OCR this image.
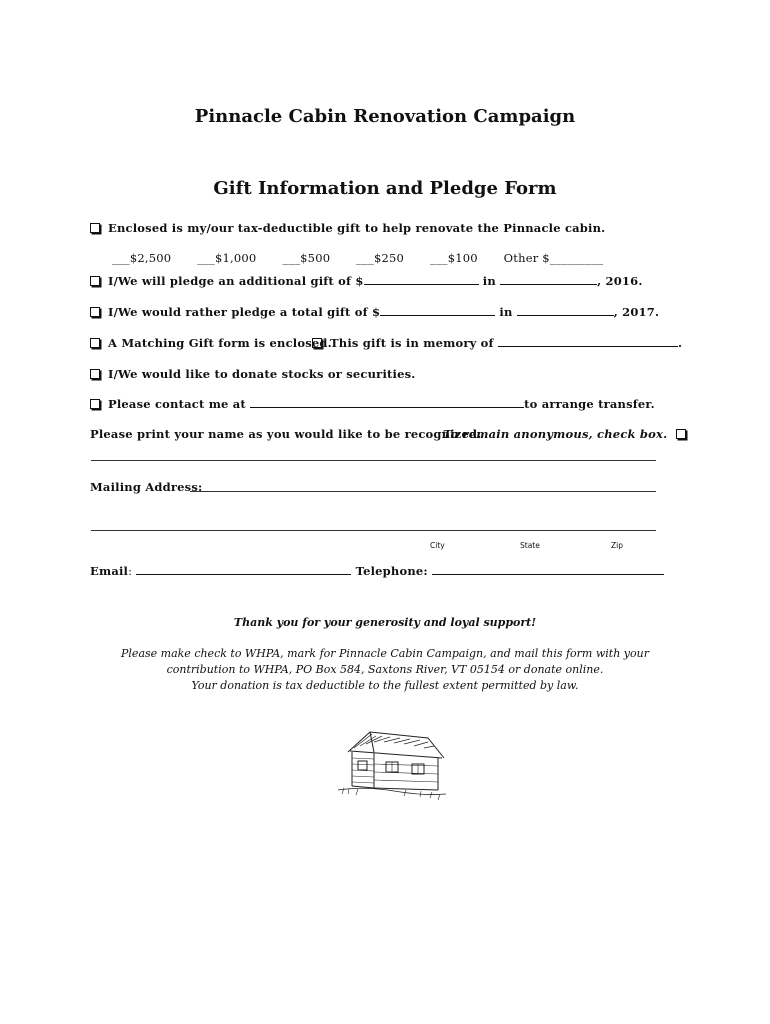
Pinnacle Cabin Renovation Campaign
Gift Information and Pledge Form
Enclosed is my/our tax-deductible gift to help renovate the Pinnacle cabin.
___$2,500 ___$1,000 ___$500 ___$250 ___$100 Other $_________
I/We will pledge an additional gift of $	in	, 2016.
I/We would rather pledge a total gift of $	in	, 2017.
A Matching Gift form is enclosed.
This gift is in memory of	.
I/We would like to donate stocks or securities.
Please contact me at	to arrange transfer.
Please print your name as you would like to be recognized.
To remain anonymous, check box.
Mailing Address:
City	State	Zip
Email:	Telephone:
Thank you for your generosity and loyal support!
Please make check to WHPA, mark for Pinnacle Cabin Campaign, and mail this form with your
contribution to WHPA, PO Box 584, Saxtons River, VT 05154 or donate online.
Your donation is tax deductible to the fullest extent permitted by law.
